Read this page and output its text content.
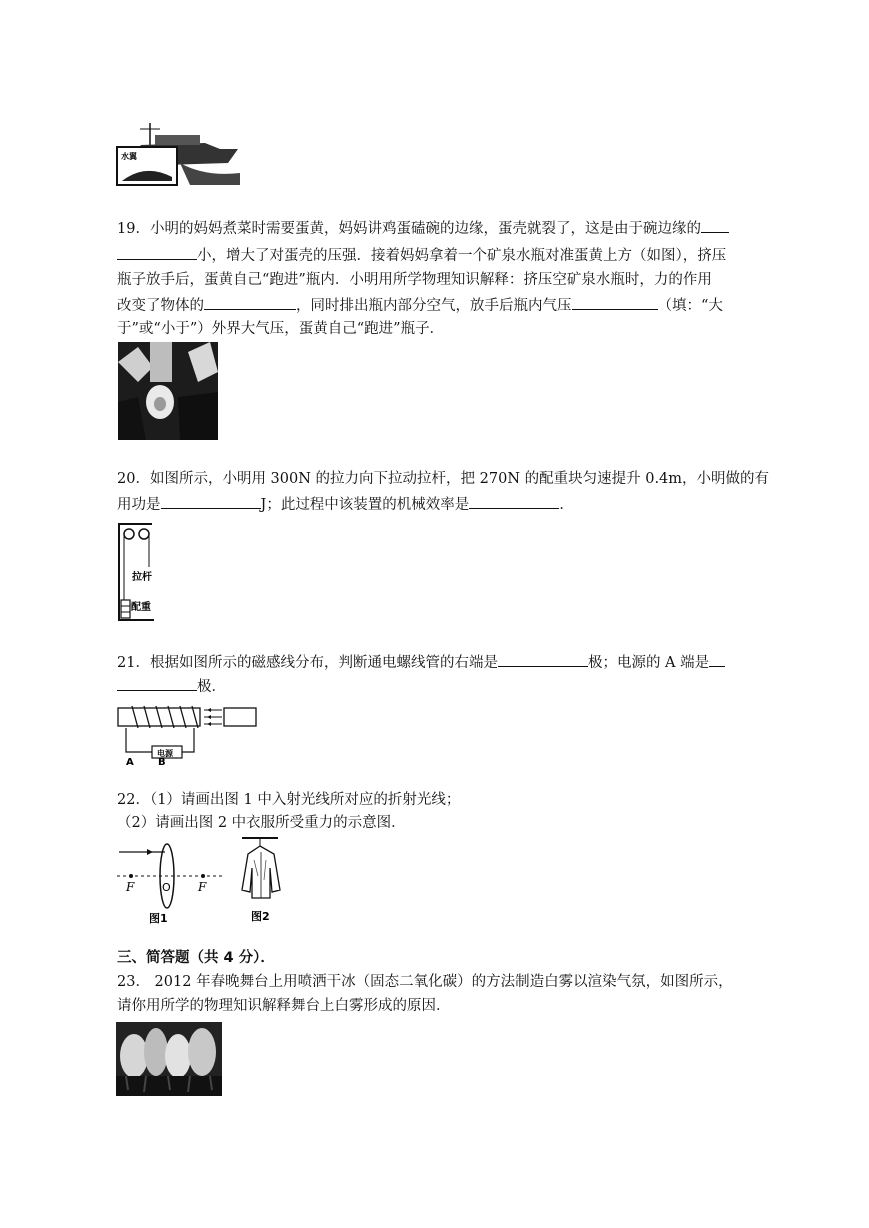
水翼
19．小明的妈妈煮菜时需要蛋黄，妈妈讲鸡蛋磕碗的边缘，蛋壳就裂了，这是由于碗边缘的
小，增大了对蛋壳的压强．接着妈妈拿着一个矿泉水瓶对准蛋黄上方（如图），挤压
瓶子放手后，蛋黄自己“跑进”瓶内．小明用所学物理知识解释：挤压空矿泉水瓶时，力的作用
改变了物体的	，同时排出瓶内部分空气，放手后瓶内气压	（填：“大
于”或“小于”）外界大气压，蛋黄自己“跑进”瓶子．
20．如图所示，小明用 300N 的拉力向下拉动拉杆，把 270N 的配重块匀速提升 0.4m，小明做的有
用功是	J；此过程中该装置的机械效率是	．
拉杆
配重
21．根据如图所示的磁感线分布，判断通电螺线管的右端是	极；电源的 A 端是
极．
电源
A B
22．（1）请画出图 1 中入射光线所对应的折射光线；
（2）请画出图 2 中衣服所受重力的示意图．
F	O F
图1	图2
三、简答题（共 4 分）．
23． 2012 年春晚舞台上用喷洒干冰（固态二氧化碳）的方法制造白雾以渲染气氛，如图所示，
请你用所学的物理知识解释舞台上白雾形成的原因．
